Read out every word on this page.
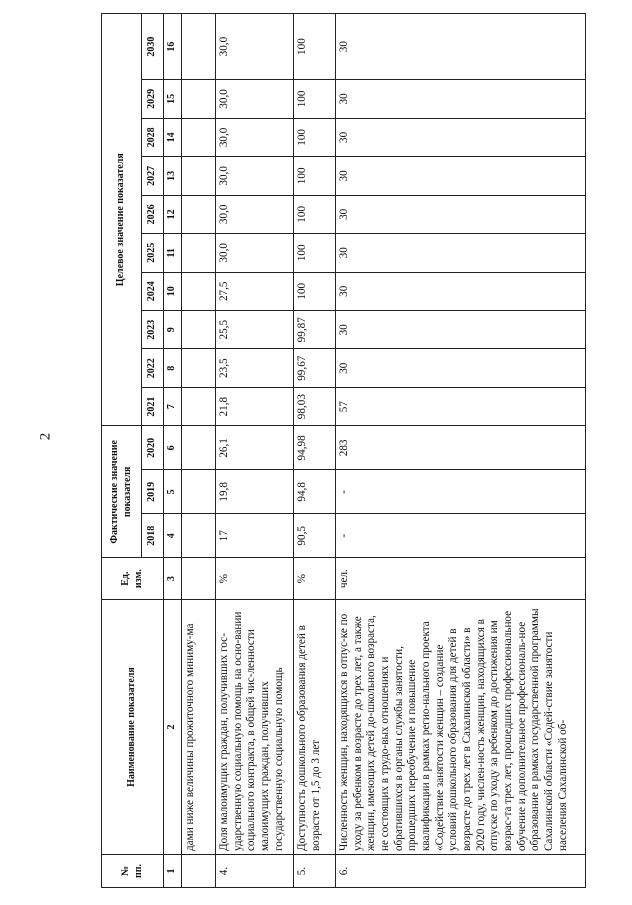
2
№ пп.	Наименование показателя	Ед. изм.	Фактические значение показателя			Целевое значение показателя									
			2018	2019	2020	2021	2022	2023	2024	2025	2026	2027	2028	2029	2030
1	2	3	4	5	6	7	8	9	10	11	12	13	14	15	16
	дами ниже величины прожиточного миниму-ма														
4.	Доля малоимущих граждан, получивших гос-ударственную социальную помощь на осно-вании социального контракта, в общей чис-ленности малоимущих граждан, получивших государственную социальную помощь	%	17	19,8	26,1	21,8	23,5	25,5	27,5	30,0	30,0	30,0	30,0	30,0	30,0
5.	Доступность дошкольного образования детей в возрасте от 1,5 до 3 лет	%	90,5	94,8	94,98	98,03	99,67	99,87	100	100	100	100	100	100	100
6.	Численность женщин, находящихся в отпус-ке по уходу за ребенком в возрасте до трех лет, а также женщин, имеющих детей до-школьного возраста, не состоящих в трудо-вых отношениях и обратившихся в органы службы занятости, прошедших переобучение и повышение квалификации в рамках регио-нального проекта «Содействие занятости женщин – создание условий дошкольного образования для детей в возрасте до трех лет в Сахалинской области» в 2020 году, числен-ность женщин, находящихся в отпуске по уходу за ребенком до достижения им возрас-та трех лет, прошедших профессиональное обучение и дополнительное профессиональ-ное образование в рамках государственной программы Сахалинской области «Содей-ствие занятости населения Сахалинской об-	чел.	-	-	283	57	30	30	30	30	30	30	30	30	30
